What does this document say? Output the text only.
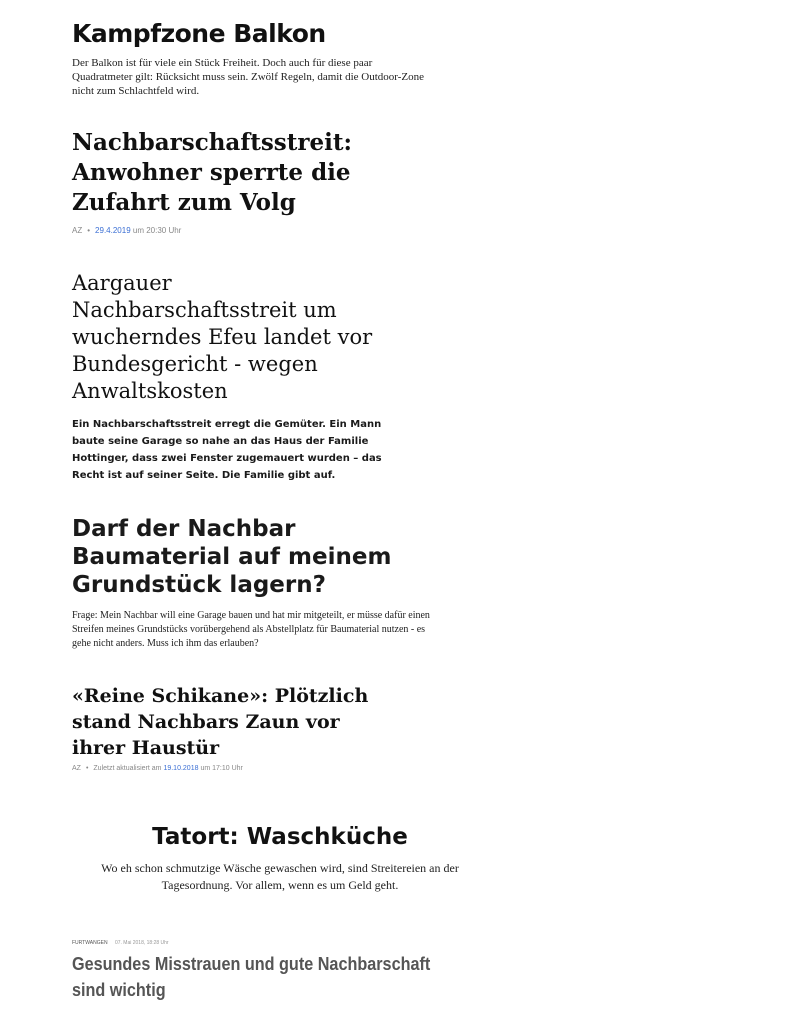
Kampfzone Balkon

Der Balkon ist für viele ein Stück Freiheit. Doch auch für diese paar Quadratmeter gilt: Rücksicht muss sein. Zwölf Regeln, damit die Outdoor-Zone nicht zum Schlachtfeld wird.

Nachbarschaftsstreit:
Anwohner sperrte die
Zufahrt zum Volg
AZ • 29.4.2019 um 20:30 Uhr
Aargauer
Nachbarschaftsstreit um
wucherndes Efeu landet vor
Bundesgericht - wegen
Anwaltskosten

Ein Nachbarschaftsstreit erregt die Gemüter. Ein Mann baute seine Garage so nahe an das Haus der Familie Hottinger, dass zwei Fenster zugemauert wurden – das Recht ist auf seiner Seite. Die Familie gibt auf.

Darf der Nachbar
Baumaterial auf meinem
Grundstück lagern?

Frage: Mein Nachbar will eine Garage bauen und hat mir mitgeteilt, er müsse dafür einen Streifen meines Grundstücks vorübergehend als Abstellplatz für Baumaterial nutzen - es gehe nicht anders. Muss ich ihm das erlauben?

«Reine Schikane»: Plötzlich
stand Nachbars Zaun vor
ihrer Haustür
AZ • Zuletzt aktualisiert am 19.10.2018 um 17:10 Uhr
Tatort: Waschküche

Wo eh schon schmutzige Wäsche gewaschen wird, sind Streitereien an der
Tagesordnung. Vor allem, wenn es um Geld geht.

FURTWANGEN 07. Mai 2018, 18:28 Uhr
Gesundes Misstrauen und gute Nachbarschaft
sind wichtig
